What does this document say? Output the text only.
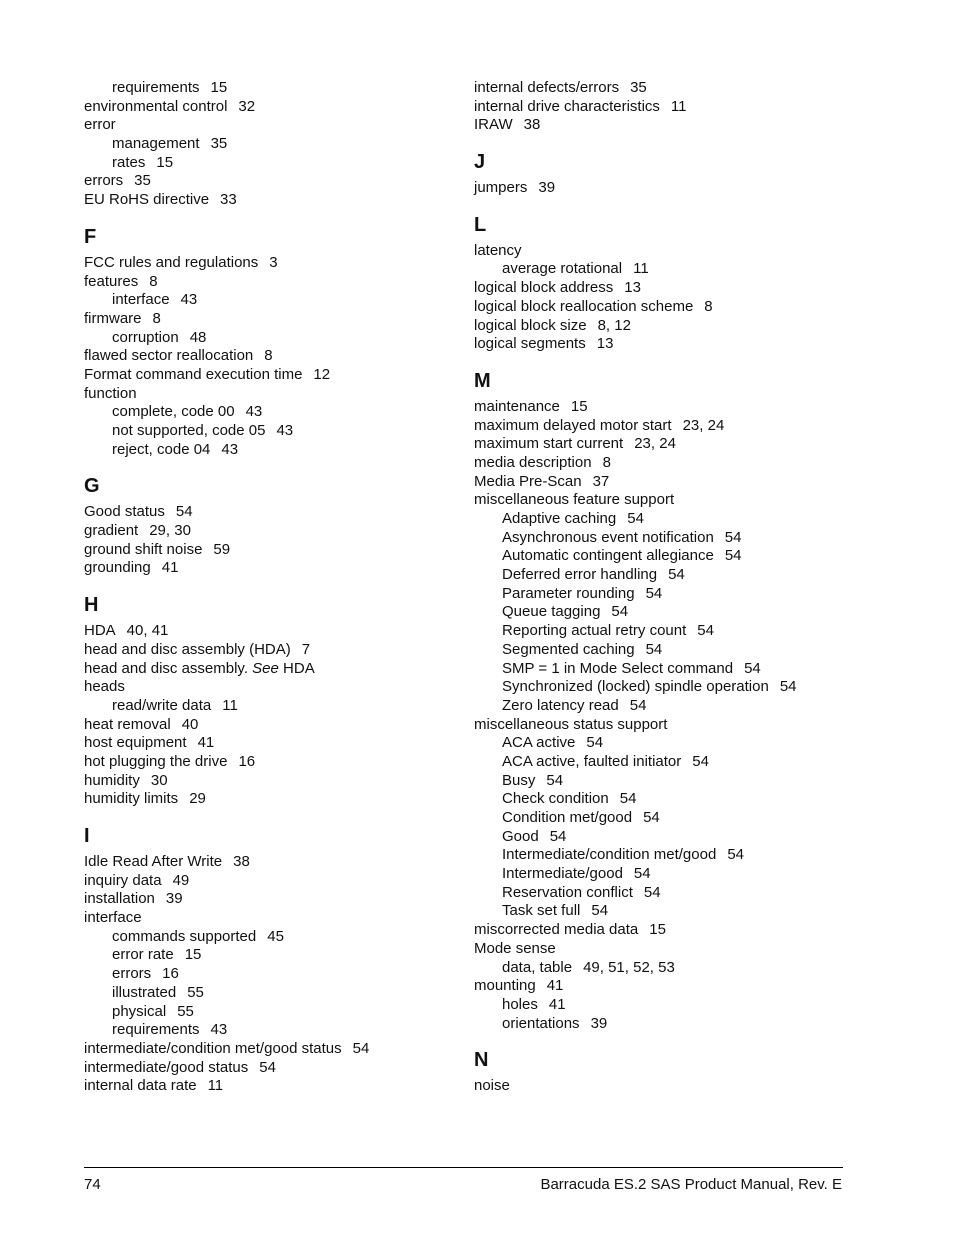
requirements 15
environmental control 32
error
management 35
rates 15
errors 35
EU RoHS directive 33
F
FCC rules and regulations 3
features 8
interface 43
firmware 8
corruption 48
flawed sector reallocation 8
Format command execution time 12
function
complete, code 00 43
not supported, code 05 43
reject, code 04 43
G
Good status 54
gradient 29, 30
ground shift noise 59
grounding 41
H
HDA 40, 41
head and disc assembly (HDA) 7
head and disc assembly. See HDA
heads
read/write data 11
heat removal 40
host equipment 41
hot plugging the drive 16
humidity 30
humidity limits 29
I
Idle Read After Write 38
inquiry data 49
installation 39
interface
commands supported 45
error rate 15
errors 16
illustrated 55
physical 55
requirements 43
intermediate/condition met/good status 54
intermediate/good status 54
internal data rate 11
internal defects/errors 35
internal drive characteristics 11
IRAW 38
J
jumpers 39
L
latency
average rotational 11
logical block address 13
logical block reallocation scheme 8
logical block size 8, 12
logical segments 13
M
maintenance 15
maximum delayed motor start 23, 24
maximum start current 23, 24
media description 8
Media Pre-Scan 37
miscellaneous feature support
Adaptive caching 54
Asynchronous event notification 54
Automatic contingent allegiance 54
Deferred error handling 54
Parameter rounding 54
Queue tagging 54
Reporting actual retry count 54
Segmented caching 54
SMP = 1 in Mode Select command 54
Synchronized (locked) spindle operation 54
Zero latency read 54
miscellaneous status support
ACA active 54
ACA active, faulted initiator 54
Busy 54
Check condition 54
Condition met/good 54
Good 54
Intermediate/condition met/good 54
Intermediate/good 54
Reservation conflict 54
Task set full 54
miscorrected media data 15
Mode sense
data, table 49, 51, 52, 53
mounting 41
holes 41
orientations 39
N
noise
74	Barracuda ES.2 SAS Product Manual, Rev. E
